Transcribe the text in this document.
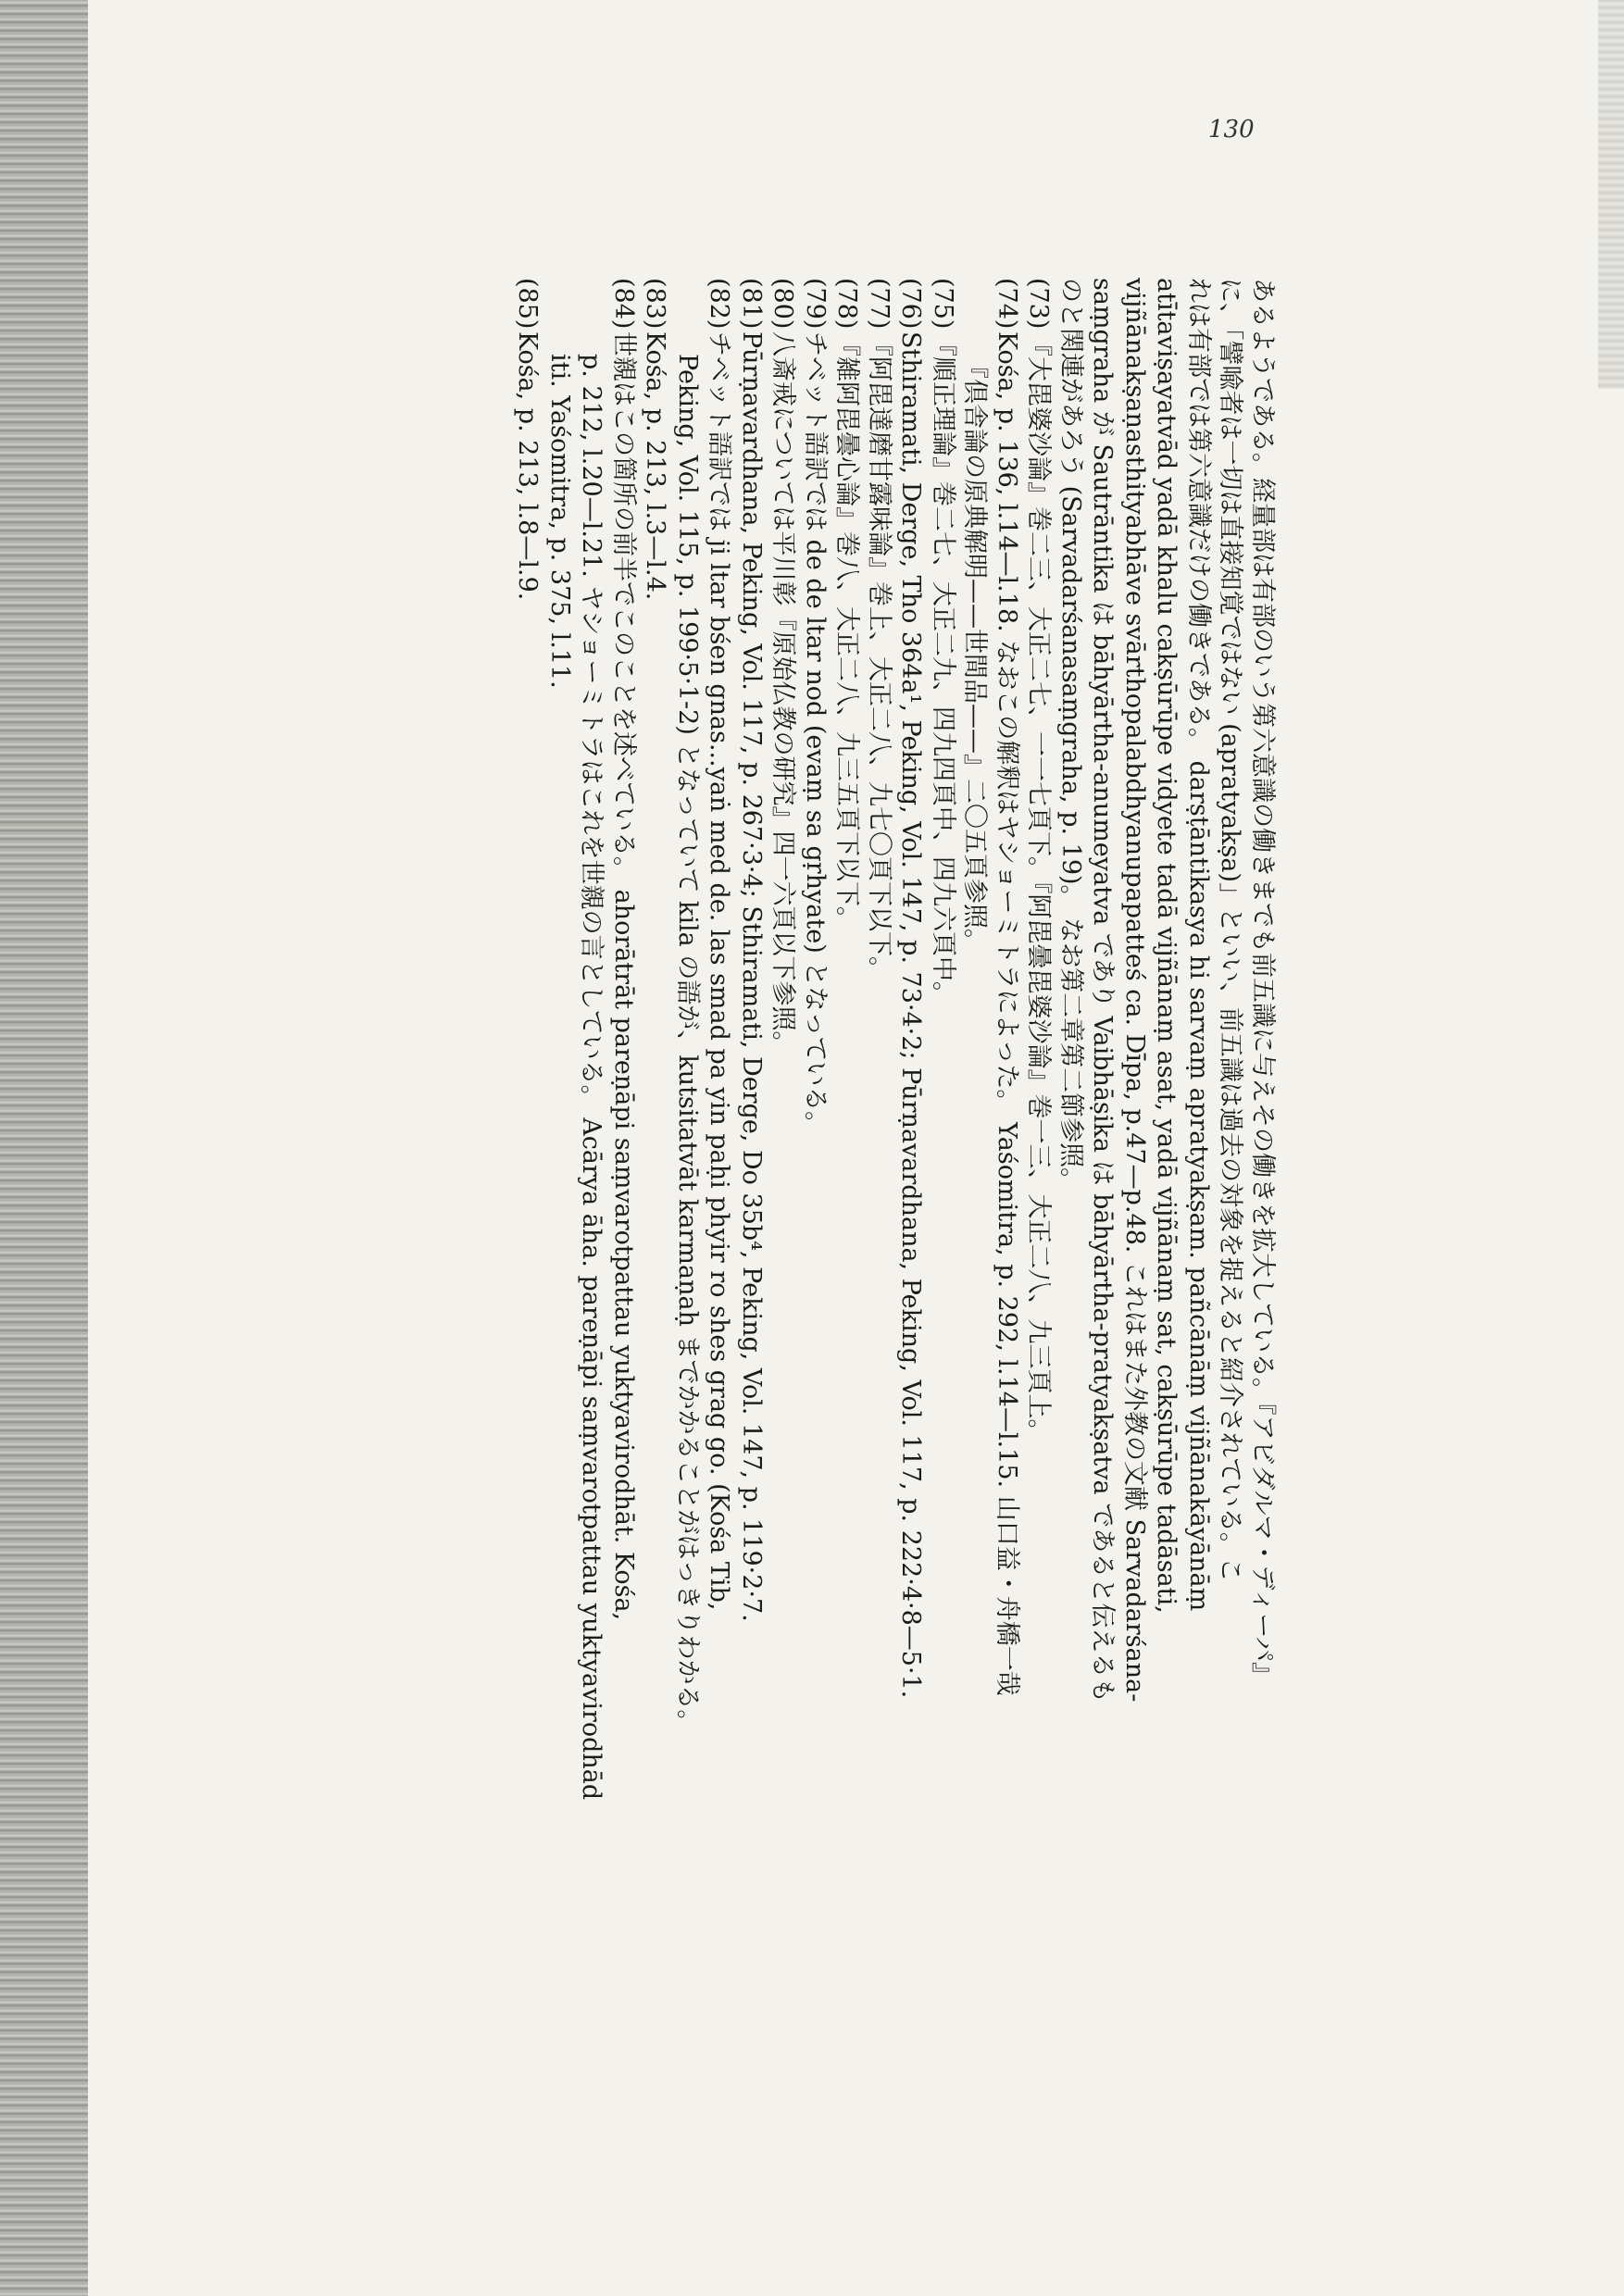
130
あるようである。経量部は有部のいう第六意識の働きまでも前五識に与えその働きを拡大している。『アビダルマ・ディーパ』
に、「譬喩者は一切は直接知覚ではない (apratyakṣa)」といい、前五識は過去の対象を捉えると紹介されている。こ
れは有部では第六意識だけの働きである。 darṣṭāntikasya hi sarvaṃ apratyakṣam. pañcānāṃ vijñānakāyānāṃ
atītaviṣayatvād yadā khalu cakṣūrūpe vidyete tadā vijñānaṃ asat, yadā vijñānaṃ sat, cakṣūrūpe tadāsati,
vijñānakṣaṇasthityabhāve svārthopalabdhyanupapatteś ca. Dīpa, p.47—p.48. これはまた外教の文献 Sarvadarśana-
saṃgraha が Sautrāntika は bāhyārtha-anumeyatva であり Vaibhāṣika は bāhyārtha-pratyakṣatva であると伝えるも
のと関連があろう (Sarvadarśanasaṃgraha, p. 19)。 なお第二章第二節参照。
(73)『大毘婆沙論』巻二三、大正二七、一一七頁下。『阿毘曇毘婆沙論』巻一三、大正二八、九三頁上。
(74)Kośa, p. 136, l.14—l.18. なおこの解釈はヤショーミトラによった。 Yaśomitra, p. 292, l.14—l.15. 山口益・舟橋一哉
『倶舎論の原典解明——世間品——』二〇五頁参照。
(75)『順正理論』巻二七、大正二九、四九四頁中、四九六頁中。
(76)Sthiramati, Derge, Tho 364a¹, Peking, Vol. 147, p. 73·4·2; Pūrṇavardhana, Peking, Vol. 117, p. 222·4·8—5·1.
(77)『阿毘達磨甘露味論』巻上、大正二八、九七〇頁下以下。
(78)『雑阿毘曇心論』巻八、大正二八、九三五頁下以下。
(79)チベット語訳では de de ltar nod (evaṃ sa gṛhyate) となっている。
(80)八斎戒については平川彰『原始仏教の研究』四一六頁以下参照。
(81)Pūrṇavardhana, Peking, Vol. 117, p. 267·3·4; Sthiramati, Derge, Do 35b⁴, Peking, Vol. 147, p. 119·2·7.
(82)チベット語訳では ji ltar bśen gnas...yaṅ med de. las smad pa yin paḥi phyir ro shes grag go. (Kośa Tib,
Peking, Vol. 115, p. 199·5·1-2) となっていて kila の語が、kutsitatvāt karmaṇaḥ までかかることがはっきりわかる。
(83)Kośa, p. 213, l.3—l.4.
(84)世親はこの箇所の前半でこのことを述べている。 ahorātrāt pareṇāpi saṃvarotpattau yuktyavirodhāt. Kośa,
p. 212, l.20—l.21. ヤショーミトラはこれを世親の言としている。 Acārya āha. pareṇāpi saṃvarotpattau yuktyavirodhād
iti. Yaśomitra, p. 375, l.11.
(85)Kośa, p. 213, l.8—l.9.
